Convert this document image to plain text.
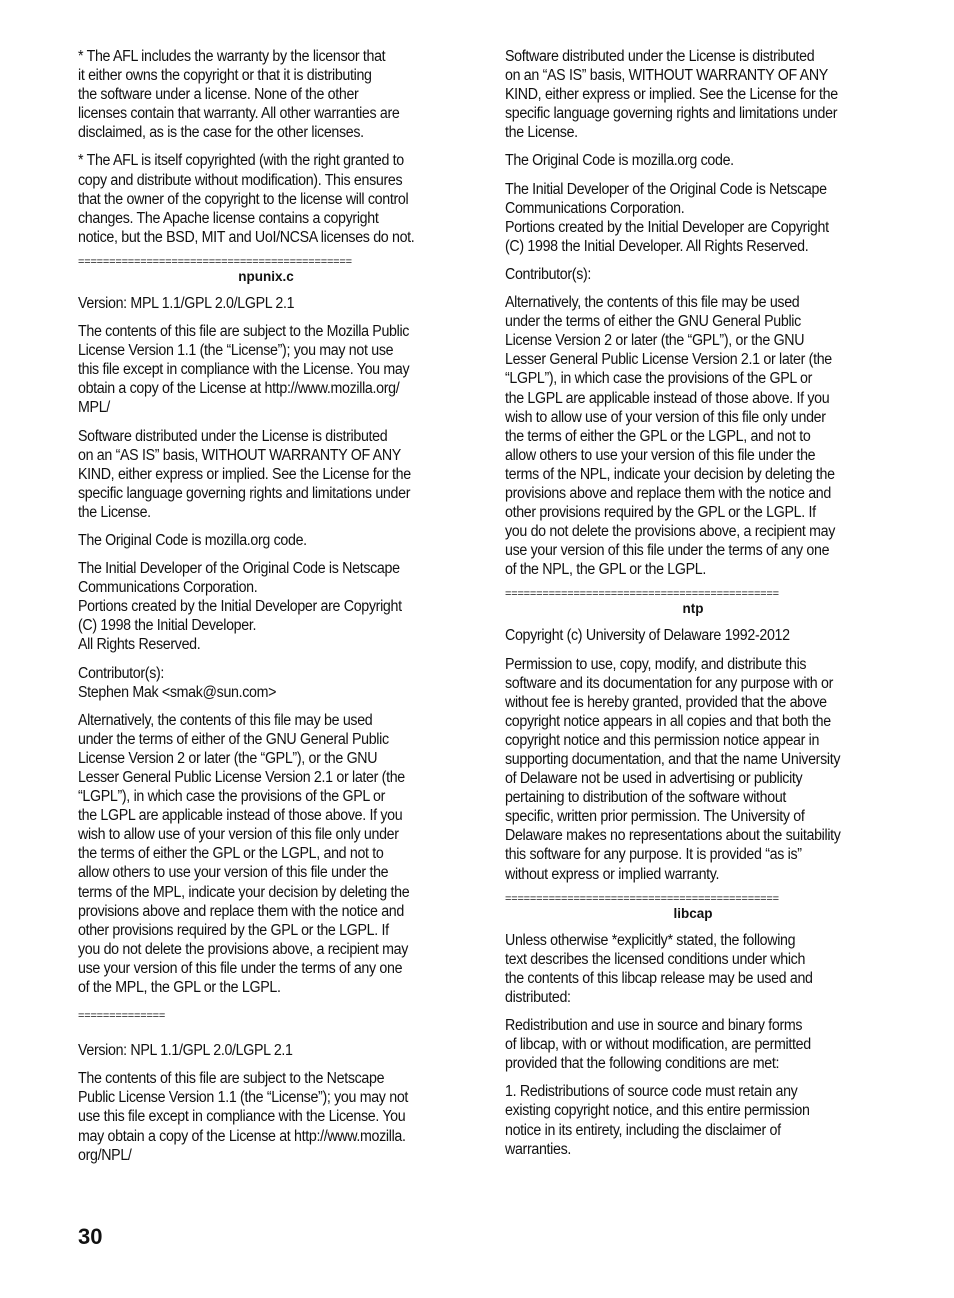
* The AFL includes the warranty by the licensor that
it either owns the copyright or that it is distributing
the software under a license. None of the other
licenses contain that warranty. All other warranties are
disclaimed, as is the case for the other licenses.

* The AFL is itself copyrighted (with the right granted to
copy and distribute without modification). This ensures
that the owner of the copyright to the license will control
changes. The Apache license contains a copyright
notice, but the BSD, MIT and UoI/NCSA licenses do not.

============================================
npunix.c

Version: MPL 1.1/GPL 2.0/LGPL 2.1

The contents of this file are subject to the Mozilla Public
License Version 1.1 (the “License”); you may not use
this file except in compliance with the License. You may
obtain a copy of the License at http://www.mozilla.org/
MPL/

Software distributed under the License is distributed
on an “AS IS” basis, WITHOUT WARRANTY OF ANY
KIND, either express or implied. See the License for the
specific language governing rights and limitations under
the License.

The Original Code is mozilla.org code.

The Initial Developer of the Original Code is Netscape
Communications Corporation.
Portions created by the Initial Developer are Copyright
(C) 1998 the Initial Developer.
All Rights Reserved.

Contributor(s):
Stephen Mak <smak@sun.com>

Alternatively, the contents of this file may be used
under the terms of either of the GNU General Public
License Version 2 or later (the “GPL”), or the GNU
Lesser General Public License Version 2.1 or later (the
“LGPL”), in which case the provisions of the GPL or
the LGPL are applicable instead of those above. If you
wish to allow use of your version of this file only under
the terms of either the GPL or the LGPL, and not to
allow others to use your version of this file under the
terms of the MPL, indicate your decision by deleting the
provisions above and replace them with the notice and
other provisions required by the GPL or the LGPL. If
you do not delete the provisions above, a recipient may
use your version of this file under the terms of any one
of the MPL, the GPL or the LGPL.

==============

Version: NPL 1.1/GPL 2.0/LGPL 2.1

The contents of this file are subject to the Netscape
Public License Version 1.1 (the “License”); you may not
use this file except in compliance with the License. You
may obtain a copy of the License at http://www.mozilla.
org/NPL/

Software distributed under the License is distributed
on an “AS IS” basis, WITHOUT WARRANTY OF ANY
KIND, either express or implied. See the License for the
specific language governing rights and limitations under
the License.

The Original Code is mozilla.org code.

The Initial Developer of the Original Code is Netscape
Communications Corporation.
Portions created by the Initial Developer are Copyright
(C) 1998 the Initial Developer. All Rights Reserved.

Contributor(s):

Alternatively, the contents of this file may be used
under the terms of either the GNU General Public
License Version 2 or later (the “GPL”), or the GNU
Lesser General Public License Version 2.1 or later (the
“LGPL”), in which case the provisions of the GPL or
the LGPL are applicable instead of those above. If you
wish to allow use of your version of this file only under
the terms of either the GPL or the LGPL, and not to
allow others to use your version of this file under the
terms of the NPL, indicate your decision by deleting the
provisions above and replace them with the notice and
other provisions required by the GPL or the LGPL. If
you do not delete the provisions above, a recipient may
use your version of this file under the terms of any one
of the NPL, the GPL or the LGPL.

============================================
ntp

Copyright (c) University of Delaware 1992-2012

Permission to use, copy, modify, and distribute this
software and its documentation for any purpose with or
without fee is hereby granted, provided that the above
copyright notice appears in all copies and that both the
copyright notice and this permission notice appear in
supporting documentation, and that the name University
of Delaware not be used in advertising or publicity
pertaining to distribution of the software without
specific, written prior permission. The University of
Delaware makes no representations about the suitability
this software for any purpose. It is provided “as is”
without express or implied warranty.

============================================
libcap

Unless otherwise *explicitly* stated, the following
text describes the licensed conditions under which
the contents of this libcap release may be used and
distributed:

Redistribution and use in source and binary forms
of libcap, with or without modification, are permitted
provided that the following conditions are met:

1. Redistributions of source code must retain any
existing copyright notice, and this entire permission
notice in its entirety, including the disclaimer of
warranties.

30
